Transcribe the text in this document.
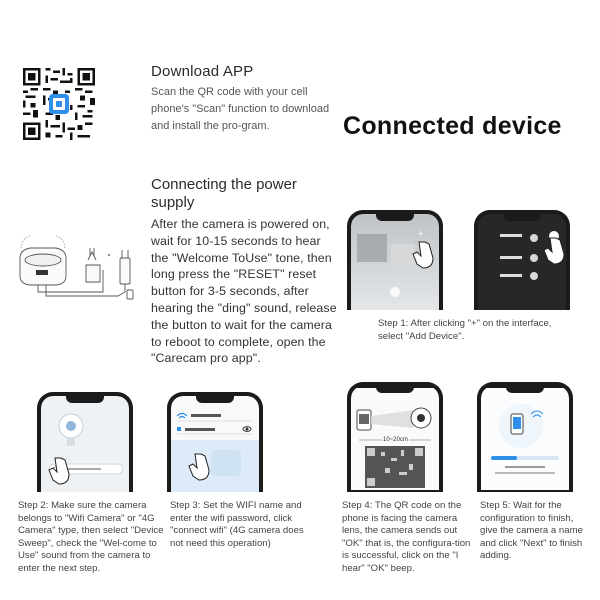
Download APP
Scan the QR code with your cell phone's "Scan" function to download and install the pro-gram.	Connected device
Connecting the power supply
After the camera is powered on, wait for 10-15 seconds to hear the "Welcome ToUse" tone, then long press the "RESET" reset button for 3-5 seconds, after hearing the "ding" sound, release the button to wait for the camera to reboot to complete, open the "Carecam pro app".
+
Step 1: After clicking "+" on the interface, select "Add Device".
Step 2: Make sure the camera belongs to "Wifi Camera" or "4G Camera" type, then select "Device Sweep", check the "Wel-come to Use" sound from the camera to enter the next step.
Step 3: Set the WIFI name and enter the wifi password, click "connect wifi" (4G camera does not need this operation)
10~20cm
Step 4: The QR code on the phone is facing the camera lens, the camera sends out "OK" that is, the configura-tion is successful, click on the "I hear" "OK" beep.
Step 5: Wait for the configuration to finish, give the camera a name and click "Next" to finish adding.
